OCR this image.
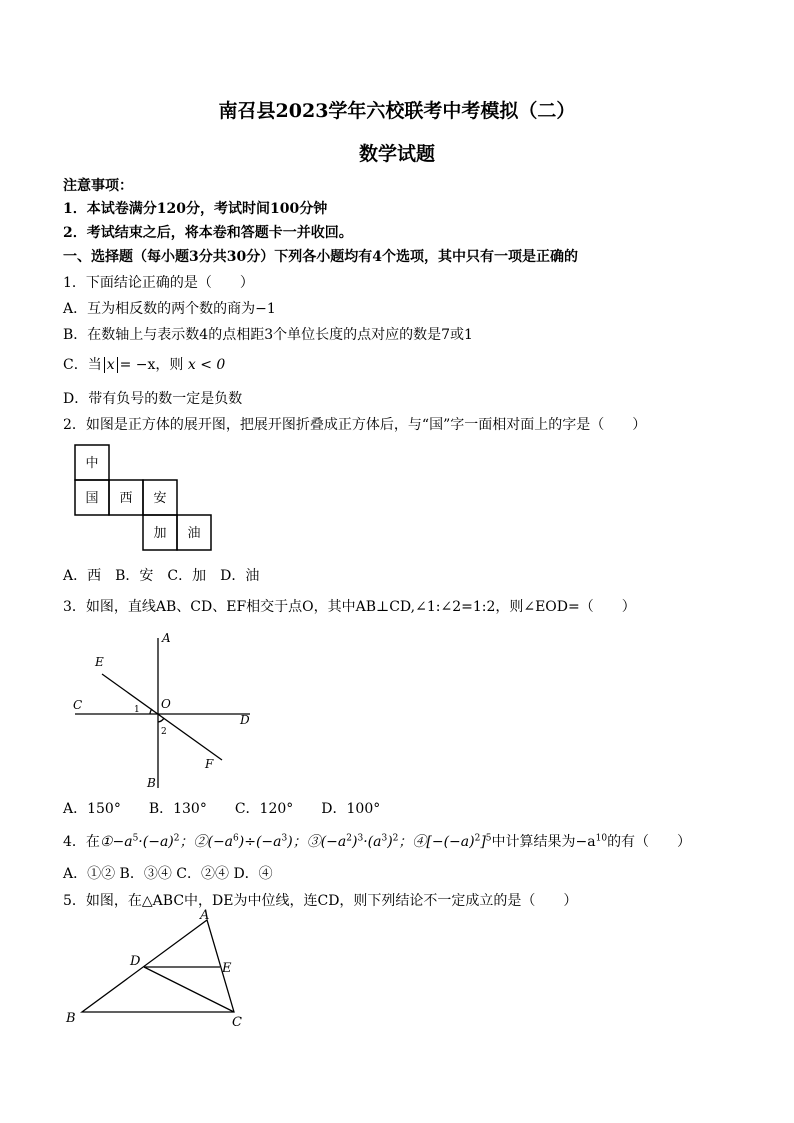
南召县2023学年六校联考中考模拟（二）
数学试题
注意事项：
1．本试卷满分120分，考试时间100分钟
2．考试结束之后，将本卷和答题卡一并收回。
一、选择题（每小题3分共30分）下列各小题均有4个选项，其中只有一项是正确的
1．下面结论正确的是（　　）
A．互为相反数的两个数的商为−1
B．在数轴上与表示数4的点相距3个单位长度的点对应的数是7或1
C．当 x = −x，则 x < 0
D．带有负号的数一定是负数
2．如图是正方体的展开图，把展开图折叠成正方体后，与“国”字一面相对面上的字是（　　）
中
国 西 安
加 油
A．西　B．安　C．加　D．油
3．如图，直线AB、CD、EF相交于点O，其中AB⊥CD,∠1:∠2=1:2，则∠EOD=（　　）
A
B
C
D
E
F
O
1
2
A．150°　　B．130°　　C．120°　　D．100°
4．在$①-a^5\cdot(-a)^2$；$②(-a^6)\div(-a^3)$；$③(-a^2)^3\cdot(a^3)^2$；$④[-(-a)^2]^5$中计算结果为$-a^{10}$的有（　　）
A．①② B．③④ C．②④ D．④
5．如图，在△ABC中，DE为中位线，连CD，则下列结论不一定成立的是（　　）
A
B	C
D	E
